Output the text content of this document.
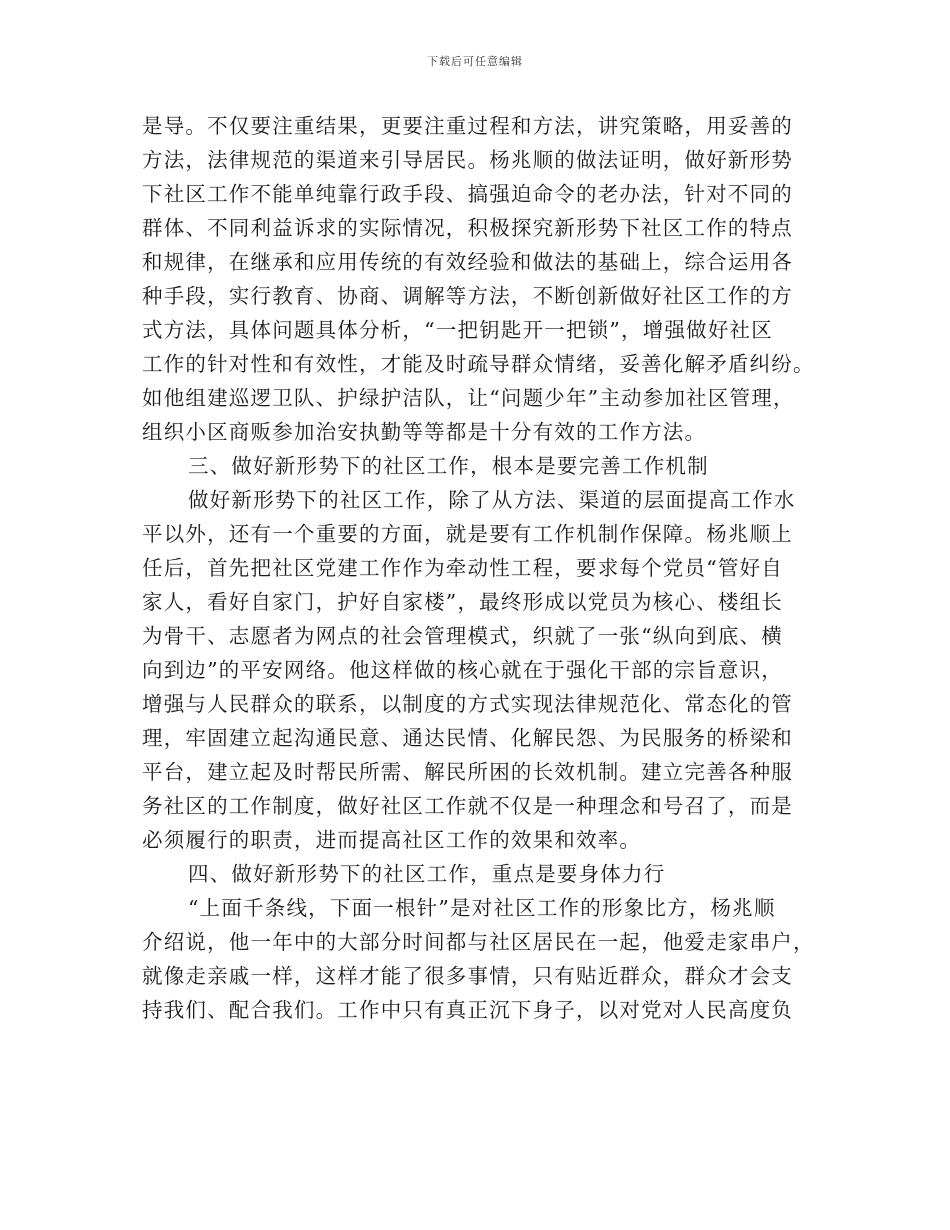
下载后可任意编辑
是导。不仅要注重结果，更要注重过程和方法，讲究策略，用妥善的
方法，法律规范的渠道来引导居民。杨兆顺的做法证明，做好新形势
下社区工作不能单纯靠行政手段、搞强迫命令的老办法，针对不同的
群体、不同利益诉求的实际情况，积极探究新形势下社区工作的特点
和规律，在继承和应用传统的有效经验和做法的基础上，综合运用各
种手段，实行教育、协商、调解等方法，不断创新做好社区工作的方
式方法，具体问题具体分析，“一把钥匙开一把锁”，增强做好社区
工作的针对性和有效性，才能及时疏导群众情绪，妥善化解矛盾纠纷。
如他组建巡逻卫队、护绿护洁队，让“问题少年”主动参加社区管理，
组织小区商贩参加治安执勤等等都是十分有效的工作方法。
三、做好新形势下的社区工作，根本是要完善工作机制
做好新形势下的社区工作，除了从方法、渠道的层面提高工作水
平以外，还有一个重要的方面，就是要有工作机制作保障。杨兆顺上
任后，首先把社区党建工作作为牵动性工程，要求每个党员“管好自
家人，看好自家门，护好自家楼”，最终形成以党员为核心、楼组长
为骨干、志愿者为网点的社会管理模式，织就了一张“纵向到底、横
向到边”的平安网络。他这样做的核心就在于强化干部的宗旨意识，
增强与人民群众的联系，以制度的方式实现法律规范化、常态化的管
理，牢固建立起沟通民意、通达民情、化解民怨、为民服务的桥梁和
平台，建立起及时帮民所需、解民所困的长效机制。建立完善各种服
务社区的工作制度，做好社区工作就不仅是一种理念和号召了，而是
必须履行的职责，进而提高社区工作的效果和效率。
四、做好新形势下的社区工作，重点是要身体力行
“上面千条线，下面一根针”是对社区工作的形象比方，杨兆顺
介绍说，他一年中的大部分时间都与社区居民在一起，他爱走家串户，
就像走亲戚一样，这样才能了很多事情，只有贴近群众，群众才会支
持我们、配合我们。工作中只有真正沉下身子，以对党对人民高度负
